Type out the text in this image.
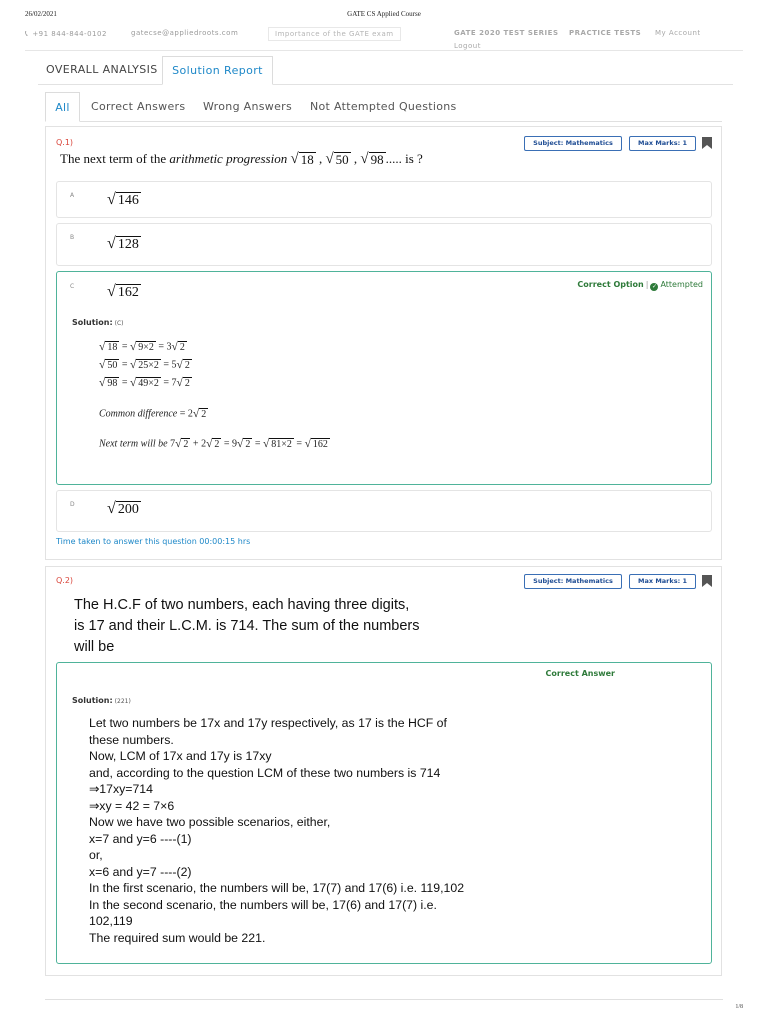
26/02/2021	GATE CS Applied Course
📞︎ +91 844-844-0102	gatecse@appliedroots.com	Importance of the GATE exam	GATE 2020 TEST SERIES PRACTICE TESTS My Account
Logout
OVERALL ANALYSIS	Solution Report
All	Correct Answers Wrong Answers Not Attempted Questions
Q.1)	Subject: Mathematics	Max Marks: 1
The next term of the arithmetic progression √ 18 , √ 50 , √ 98 ..... is ?
A √ 146
B √ 128
C √ 162
Correct Option | ✓ Attempted
Solution: (C)
√ 18 = √ 9×2 = 3 √ 2
√ 50 = √ 25×2 = 5 √ 2
√ 98 = √ 49×2 = 7 √ 2
Common difference = 2 √ 2
Next term will be 7 √ 2 + 2 √ 2 = 9 √ 2 = √ 81×2 = √ 162
D √ 200
Time taken to answer this question 00:00:15 hrs
Q.2)	Subject: Mathematics	Max Marks: 1
The H.C.F of two numbers, each having three digits,
is 17 and their L.C.M. is 714. The sum of the numbers
will be
Correct Answer
Solution: (221)
Let two numbers be 17x and 17y respectively, as 17 is the HCF of
these numbers.
Now, LCM of 17x and 17y is 17xy
and, according to the question LCM of these two numbers is 714
⇒17xy=714
⇒xy = 42 = 7×6
Now we have two possible scenarios, either,
x=7 and y=6 ----(1)
or,
x=6 and y=7 ----(2)
In the first scenario, the numbers will be, 17(7) and 17(6) i.e. 119,102
In the second scenario, the numbers will be, 17(6) and 17(7) i.e.
102,119
The required sum would be 221.
1/8
